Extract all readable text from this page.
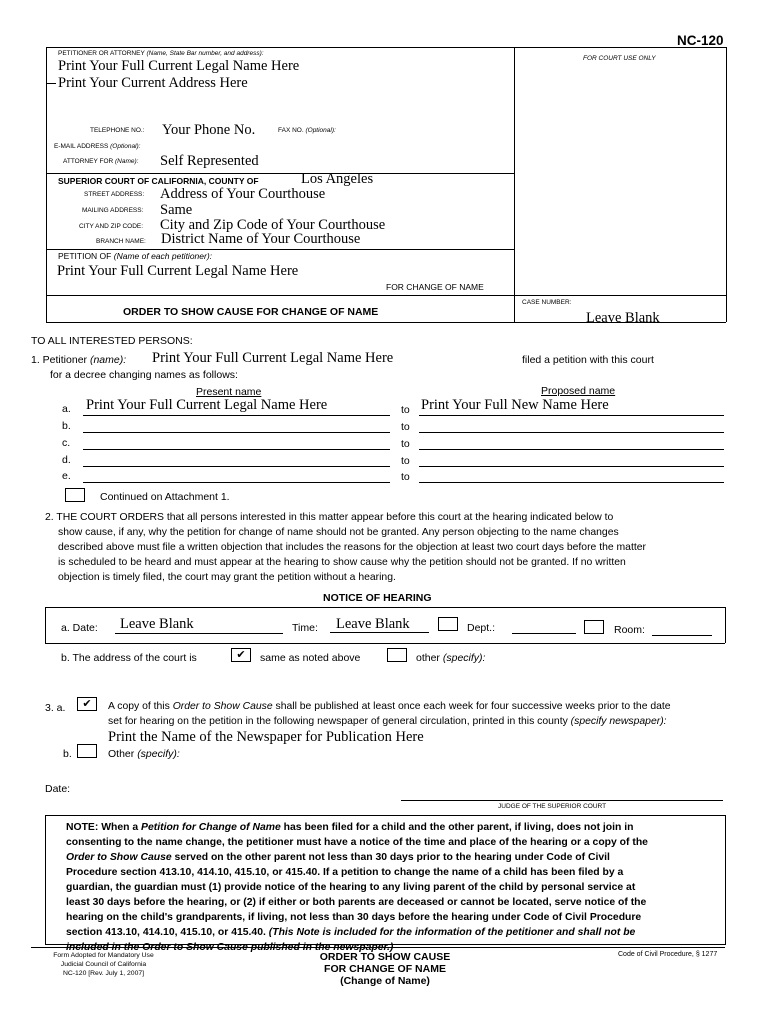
NC-120
PETITIONER OR ATTORNEY (Name, State Bar number, and address):
FOR COURT USE ONLY
Print Your Full Current Legal Name Here
Print Your Current Address Here
TELEPHONE NO.: Your Phone No.	FAX NO. (Optional):
E-MAIL ADDRESS (Optional):
ATTORNEY FOR (Name): Self Represented
SUPERIOR COURT OF CALIFORNIA, COUNTY OF	Los Angeles
STREET ADDRESS: Address of Your Courthouse
MAILING ADDRESS: Same
CITY AND ZIP CODE: City and Zip Code of Your Courthouse
BRANCH NAME: District Name of Your Courthouse
PETITION OF (Name of each petitioner):
Print Your Full Current Legal Name Here
FOR CHANGE OF NAME
ORDER TO SHOW CAUSE FOR CHANGE OF NAME
CASE NUMBER:
Leave Blank
TO ALL INTERESTED PERSONS:
1. Petitioner (name): Print Your Full Current Legal Name Here	filed a petition with this court
for a decree changing names as follows:
Present name	Proposed name
a. Print Your Full Current Legal Name Here	to Print Your Full New Name Here
b.	to
c.	to
d.	to
e.	to
Continued on Attachment 1.
2. THE COURT ORDERS that all persons interested in this matter appear before this court at the hearing indicated below to
show cause, if any, why the petition for change of name should not be granted. Any person objecting to the name changes
described above must file a written objection that includes the reasons for the objection at least two court days before the matter
is scheduled to be heard and must appear at the hearing to show cause why the petition should not be granted. If no written
objection is timely filed, the court may grant the petition without a hearing.
NOTICE OF HEARING
a. Date: Leave Blank	Time: Leave Blank	Dept.:	Room:
b. The address of the court is	✔	same as noted above	other (specify):
3. a.	✔	A copy of this Order to Show Cause shall be published at least once each week for four successive weeks prior to the date
set for hearing on the petition in the following newspaper of general circulation, printed in this county (specify newspaper):
Print the Name of the Newspaper for Publication Here
b.	Other (specify):
Date:
JUDGE OF THE SUPERIOR COURT
NOTE: When a Petition for Change of Name has been filed for a child and the other parent, if living, does not join in
consenting to the name change, the petitioner must have a notice of the time and place of the hearing or a copy of the
Order to Show Cause served on the other parent not less than 30 days prior to the hearing under Code of Civil
Procedure section 413.10, 414.10, 415.10, or 415.40. If a petition to change the name of a child has been filed by a
guardian, the guardian must (1) provide notice of the hearing to any living parent of the child by personal service at
least 30 days before the hearing, or (2) if either or both parents are deceased or cannot be located, serve notice of the
hearing on the child's grandparents, if living, not less than 30 days before the hearing under Code of Civil Procedure
section 413.10, 414.10, 415.10, or 415.40. (This Note is included for the information of the petitioner and shall not be
included in the Order to Show Cause published in the newspaper.)
Form Adopted for Mandatory Use
Judicial Council of California
NC-120 [Rev. July 1, 2007]
ORDER TO SHOW CAUSE
FOR CHANGE OF NAME
(Change of Name)
Code of Civil Procedure, § 1277
